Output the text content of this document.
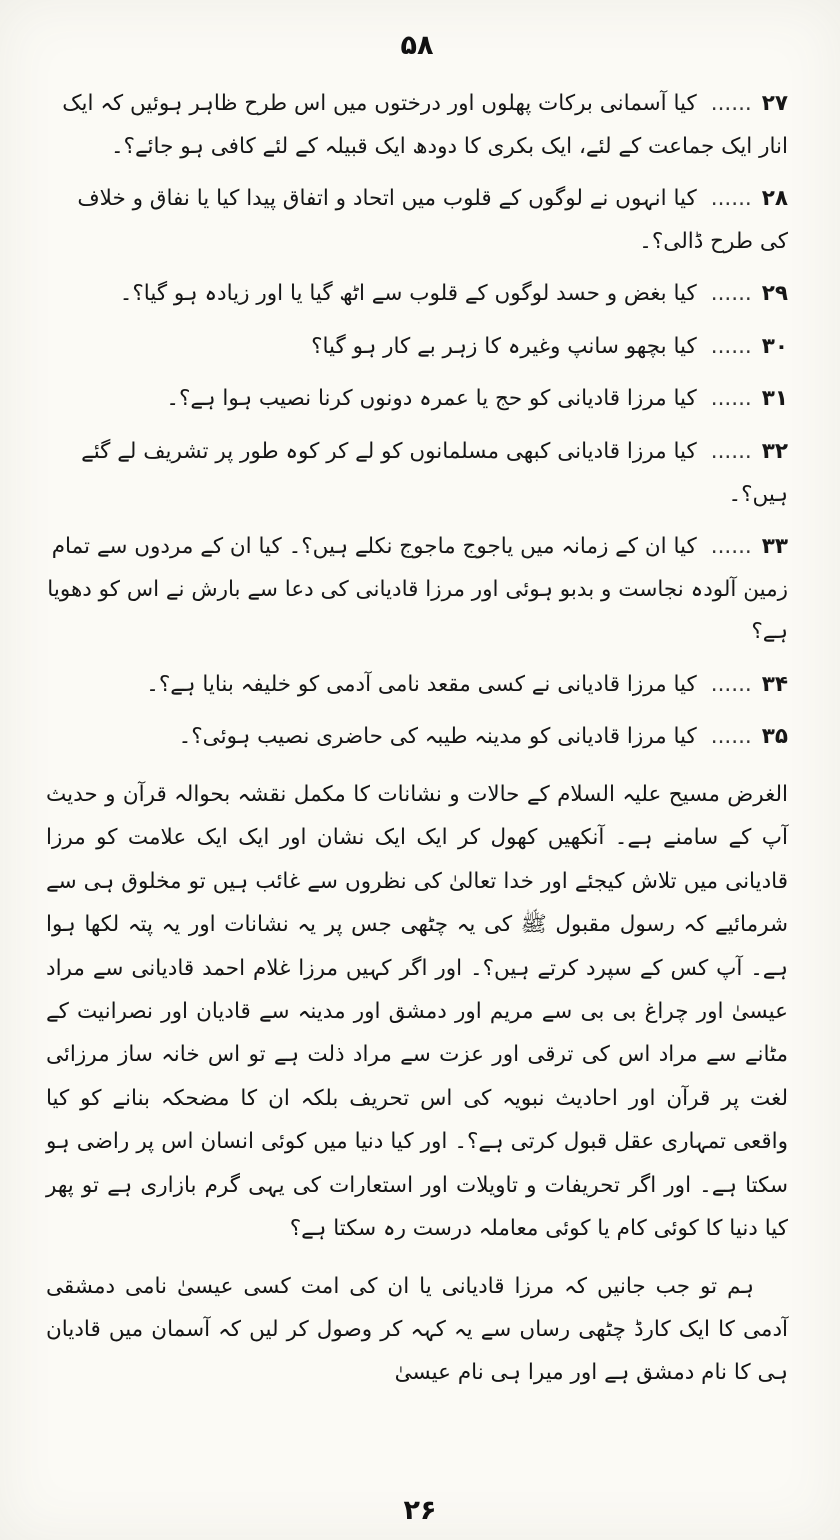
۵۸

۲۷......کیا آسمانی برکات پھلوں اور درختوں میں اس طرح ظاہر ہوئیں کہ ایک انار ایک جماعت کے لئے، ایک بکری کا دودھ ایک قبیلہ کے لئے کافی ہو جائے؟۔

۲۸......کیا انہوں نے لوگوں کے قلوب میں اتحاد و اتفاق پیدا کیا یا نفاق و خلاف کی طرح ڈالی؟۔

۲۹......کیا بغض و حسد لوگوں کے قلوب سے اٹھ گیا یا اور زیادہ ہو گیا؟۔

۳۰......کیا بچھو سانپ وغیرہ کا زہر بے کار ہو گیا؟

۳۱......کیا مرزا قادیانی کو حج یا عمرہ دونوں کرنا نصیب ہوا ہے؟۔

۳۲......کیا مرزا قادیانی کبھی مسلمانوں کو لے کر کوہ طور پر تشریف لے گئے ہیں؟۔

۳۳......کیا ان کے زمانہ میں یاجوج ماجوج نکلے ہیں؟۔ کیا ان کے مردوں سے تمام زمین آلودہ نجاست و بدبو ہوئی اور مرزا قادیانی کی دعا سے بارش نے اس کو دھویا ہے؟

۳۴......کیا مرزا قادیانی نے کسی مقعد نامی آدمی کو خلیفہ بنایا ہے؟۔

۳۵......کیا مرزا قادیانی کو مدینہ طیبہ کی حاضری نصیب ہوئی؟۔

الغرض مسیح علیہ السلام کے حالات و نشانات کا مکمل نقشہ بحوالہ قرآن و حدیث آپ کے سامنے ہے۔ آنکھیں کھول کر ایک ایک نشان اور ایک ایک علامت کو مرزا قادیانی میں تلاش کیجئے اور خدا تعالیٰ کی نظروں سے غائب ہیں تو مخلوق ہی سے شرمائیے کہ رسول مقبول ﷺ کی یہ چٹھی جس پر یہ نشانات اور یہ پتہ لکھا ہوا ہے۔ آپ کس کے سپرد کرتے ہیں؟۔ اور اگر کہیں مرزا غلام احمد قادیانی سے مراد عیسیٰ اور چراغ بی بی سے مریم اور دمشق اور مدینہ سے قادیان اور نصرانیت کے مٹانے سے مراد اس کی ترقی اور عزت سے مراد ذلت ہے تو اس خانہ ساز مرزائی لغت پر قرآن اور احادیث نبویہ کی اس تحریف بلکہ ان کا مضحکہ بنانے کو کیا واقعی تمہاری عقل قبول کرتی ہے؟۔ اور کیا دنیا میں کوئی انسان اس پر راضی ہو سکتا ہے۔ اور اگر تحریفات و تاویلات اور استعارات کی یہی گرم بازاری ہے تو پھر کیا دنیا کا کوئی کام یا کوئی معاملہ درست رہ سکتا ہے؟

ہم تو جب جانیں کہ مرزا قادیانی یا ان کی امت کسی عیسیٰ نامی دمشقی آدمی کا ایک کارڈ چٹھی رساں سے یہ کہہ کر وصول کر لیں کہ آسمان میں قادیان ہی کا نام دمشق ہے اور میرا ہی نام عیسیٰ

۲۶
